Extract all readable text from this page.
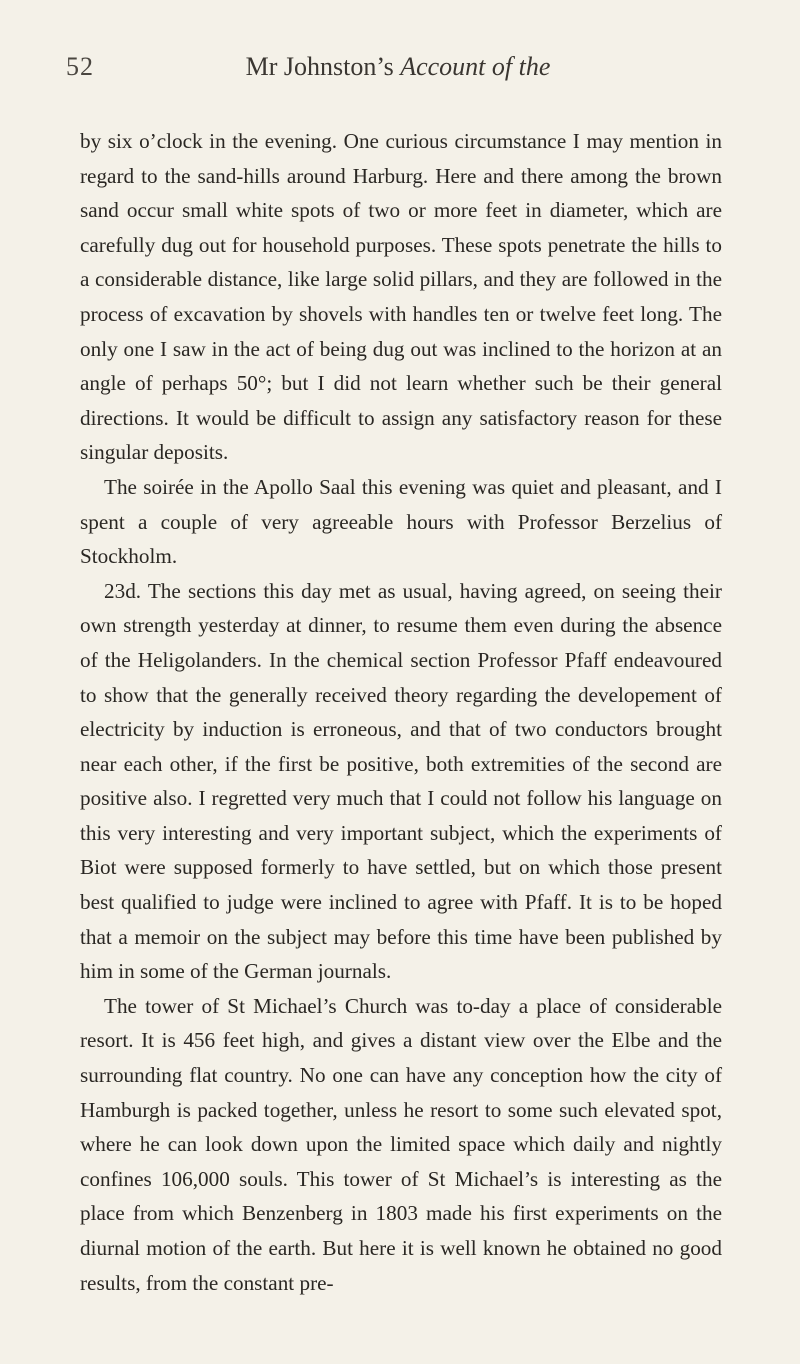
52	Mr Johnston’s Account of the

by six o’clock in the evening. One curious circumstance I may mention in regard to the sand-hills around Harburg. Here and there among the brown sand occur small white spots of two or more feet in diameter, which are carefully dug out for household purposes. These spots penetrate the hills to a considerable distance, like large solid pillars, and they are followed in the process of excavation by shovels with handles ten or twelve feet long. The only one I saw in the act of being dug out was inclined to the horizon at an angle of perhaps 50°; but I did not learn whether such be their general directions. It would be difficult to assign any satisfactory reason for these singular deposits.

The soirée in the Apollo Saal this evening was quiet and pleasant, and I spent a couple of very agreeable hours with Professor Berzelius of Stockholm.

23d. The sections this day met as usual, having agreed, on seeing their own strength yesterday at dinner, to resume them even during the absence of the Heligolanders. In the chemical section Professor Pfaff endeavoured to show that the generally received theory regarding the developement of electricity by induction is erroneous, and that of two conductors brought near each other, if the first be positive, both extremities of the second are positive also. I regretted very much that I could not follow his language on this very interesting and very important subject, which the experiments of Biot were supposed formerly to have settled, but on which those present best qualified to judge were inclined to agree with Pfaff. It is to be hoped that a memoir on the subject may before this time have been published by him in some of the German journals.

The tower of St Michael’s Church was to-day a place of considerable resort. It is 456 feet high, and gives a distant view over the Elbe and the surrounding flat country. No one can have any conception how the city of Hamburgh is packed together, unless he resort to some such elevated spot, where he can look down upon the limited space which daily and nightly confines 106,000 souls. This tower of St Michael’s is interesting as the place from which Benzenberg in 1803 made his first experiments on the diurnal motion of the earth. But here it is well known he obtained no good results, from the constant pre-
